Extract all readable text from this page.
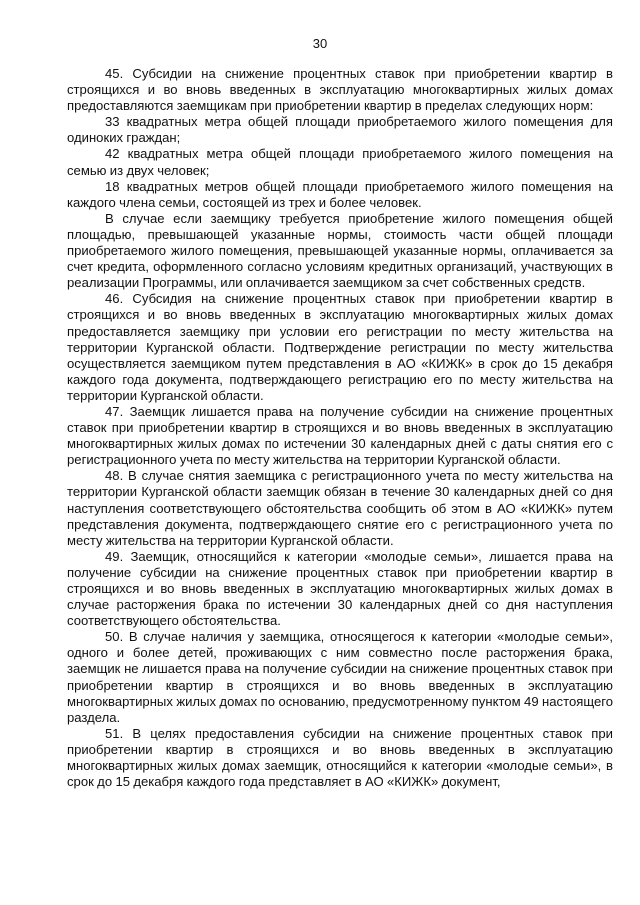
30

45. Субсидии на снижение процентных ставок при приобретении квартир в строящихся и во вновь введенных в эксплуатацию многоквартирных жилых домах предоставляются заемщикам при приобретении квартир в пределах следующих норм:

33 квадратных метра общей площади приобретаемого жилого помещения для одиноких граждан;

42 квадратных метра общей площади приобретаемого жилого помещения на семью из двух человек;

18 квадратных метров общей площади приобретаемого жилого помещения на каждого члена семьи, состоящей из трех и более человек.

В случае если заемщику требуется приобретение жилого помещения общей площадью, превышающей указанные нормы, стоимость части общей площади приобретаемого жилого помещения, превышающей указанные нормы, оплачивается за счет кредита, оформленного согласно условиям кредитных организаций, участвующих в реализации Программы, или оплачивается заемщиком за счет собственных средств.

46. Субсидия на снижение процентных ставок при приобретении квартир в строящихся и во вновь введенных в эксплуатацию многоквартирных жилых домах предоставляется заемщику при условии его регистрации по месту жительства на территории Курганской области. Подтверждение регистрации по месту жительства осуществляется заемщиком путем представления в АО «КИЖК» в срок до 15 декабря каждого года документа, подтверждающего регистрацию его по месту жительства на территории Курганской области.

47. Заемщик лишается права на получение субсидии на снижение процентных ставок при приобретении квартир в строящихся и во вновь введенных в эксплуатацию многоквартирных жилых домах по истечении 30 календарных дней с даты снятия его с регистрационного учета по месту жительства на территории Курганской области.

48. В случае снятия заемщика с регистрационного учета по месту жительства на территории Курганской области заемщик обязан в течение 30 календарных дней со дня наступления соответствующего обстоятельства сообщить об этом в АО «КИЖК» путем представления документа, подтверждающего снятие его с регистрационного учета по месту жительства на территории Курганской области.

49. Заемщик, относящийся к категории «молодые семьи», лишается права на получение субсидии на снижение процентных ставок при приобретении квартир в строящихся и во вновь введенных в эксплуатацию многоквартирных жилых домах в случае расторжения брака по истечении 30 календарных дней со дня наступления соответствующего обстоятельства.

50. В случае наличия у заемщика, относящегося к категории «молодые семьи», одного и более детей, проживающих с ним совместно после расторжения брака, заемщик не лишается права на получение субсидии на снижение процентных ставок при приобретении квартир в строящихся и во вновь введенных в эксплуатацию многоквартирных жилых домах по основанию, предусмотренному пунктом 49 настоящего раздела.

51. В целях предоставления субсидии на снижение процентных ставок при приобретении квартир в строящихся и во вновь введенных в эксплуатацию многоквартирных жилых домах заемщик, относящийся к категории «молодые семьи», в срок до 15 декабря каждого года представляет в АО «КИЖК» документ,
